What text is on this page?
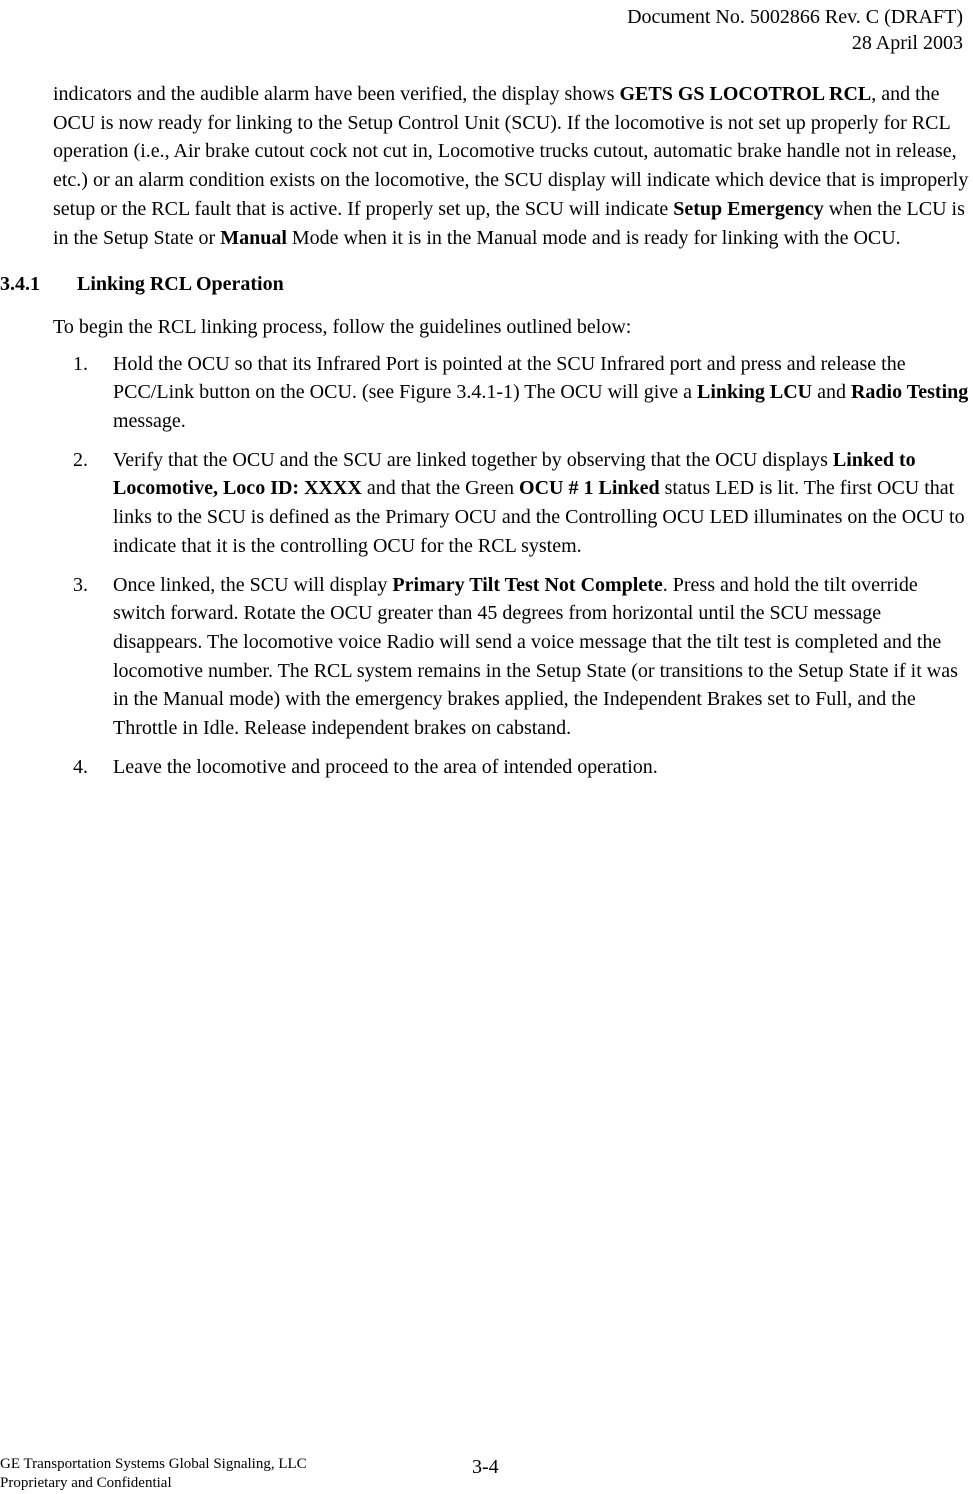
Document No. 5002866 Rev. C (DRAFT)
28 April 2003

indicators and the audible alarm have been verified, the display shows GETS GS LOCOTROL RCL, and the OCU is now ready for linking to the Setup Control Unit (SCU). If the locomotive is not set up properly for RCL operation (i.e., Air brake cutout cock not cut in, Locomotive trucks cutout, automatic brake handle not in release, etc.) or an alarm condition exists on the locomotive, the SCU display will indicate which device that is improperly setup or the RCL fault that is active. If properly set up, the SCU will indicate Setup Emergency when the LCU is in the Setup State or Manual Mode when it is in the Manual mode and is ready for linking with the OCU.

3.4.1	Linking RCL Operation

To begin the RCL linking process, follow the guidelines outlined below:

1.	Hold the OCU so that its Infrared Port is pointed at the SCU Infrared port and press and release the PCC/Link button on the OCU. (see Figure 3.4.1-1) The OCU will give a Linking LCU and Radio Testing message.
2.	Verify that the OCU and the SCU are linked together by observing that the OCU displays Linked to Locomotive, Loco ID: XXXX and that the Green OCU # 1 Linked status LED is lit. The first OCU that links to the SCU is defined as the Primary OCU and the Controlling OCU LED illuminates on the OCU to indicate that it is the controlling OCU for the RCL system.
3.	Once linked, the SCU will display Primary Tilt Test Not Complete. Press and hold the tilt override switch forward. Rotate the OCU greater than 45 degrees from horizontal until the SCU message disappears. The locomotive voice Radio will send a voice message that the tilt test is completed and the locomotive number. The RCL system remains in the Setup State (or transitions to the Setup State if it was in the Manual mode) with the emergency brakes applied, the Independent Brakes set to Full, and the Throttle in Idle. Release independent brakes on cabstand.
4.	Leave the locomotive and proceed to the area of intended operation.
GE Transportation Systems Global Signaling, LLC
Proprietary and Confidential
3-4
